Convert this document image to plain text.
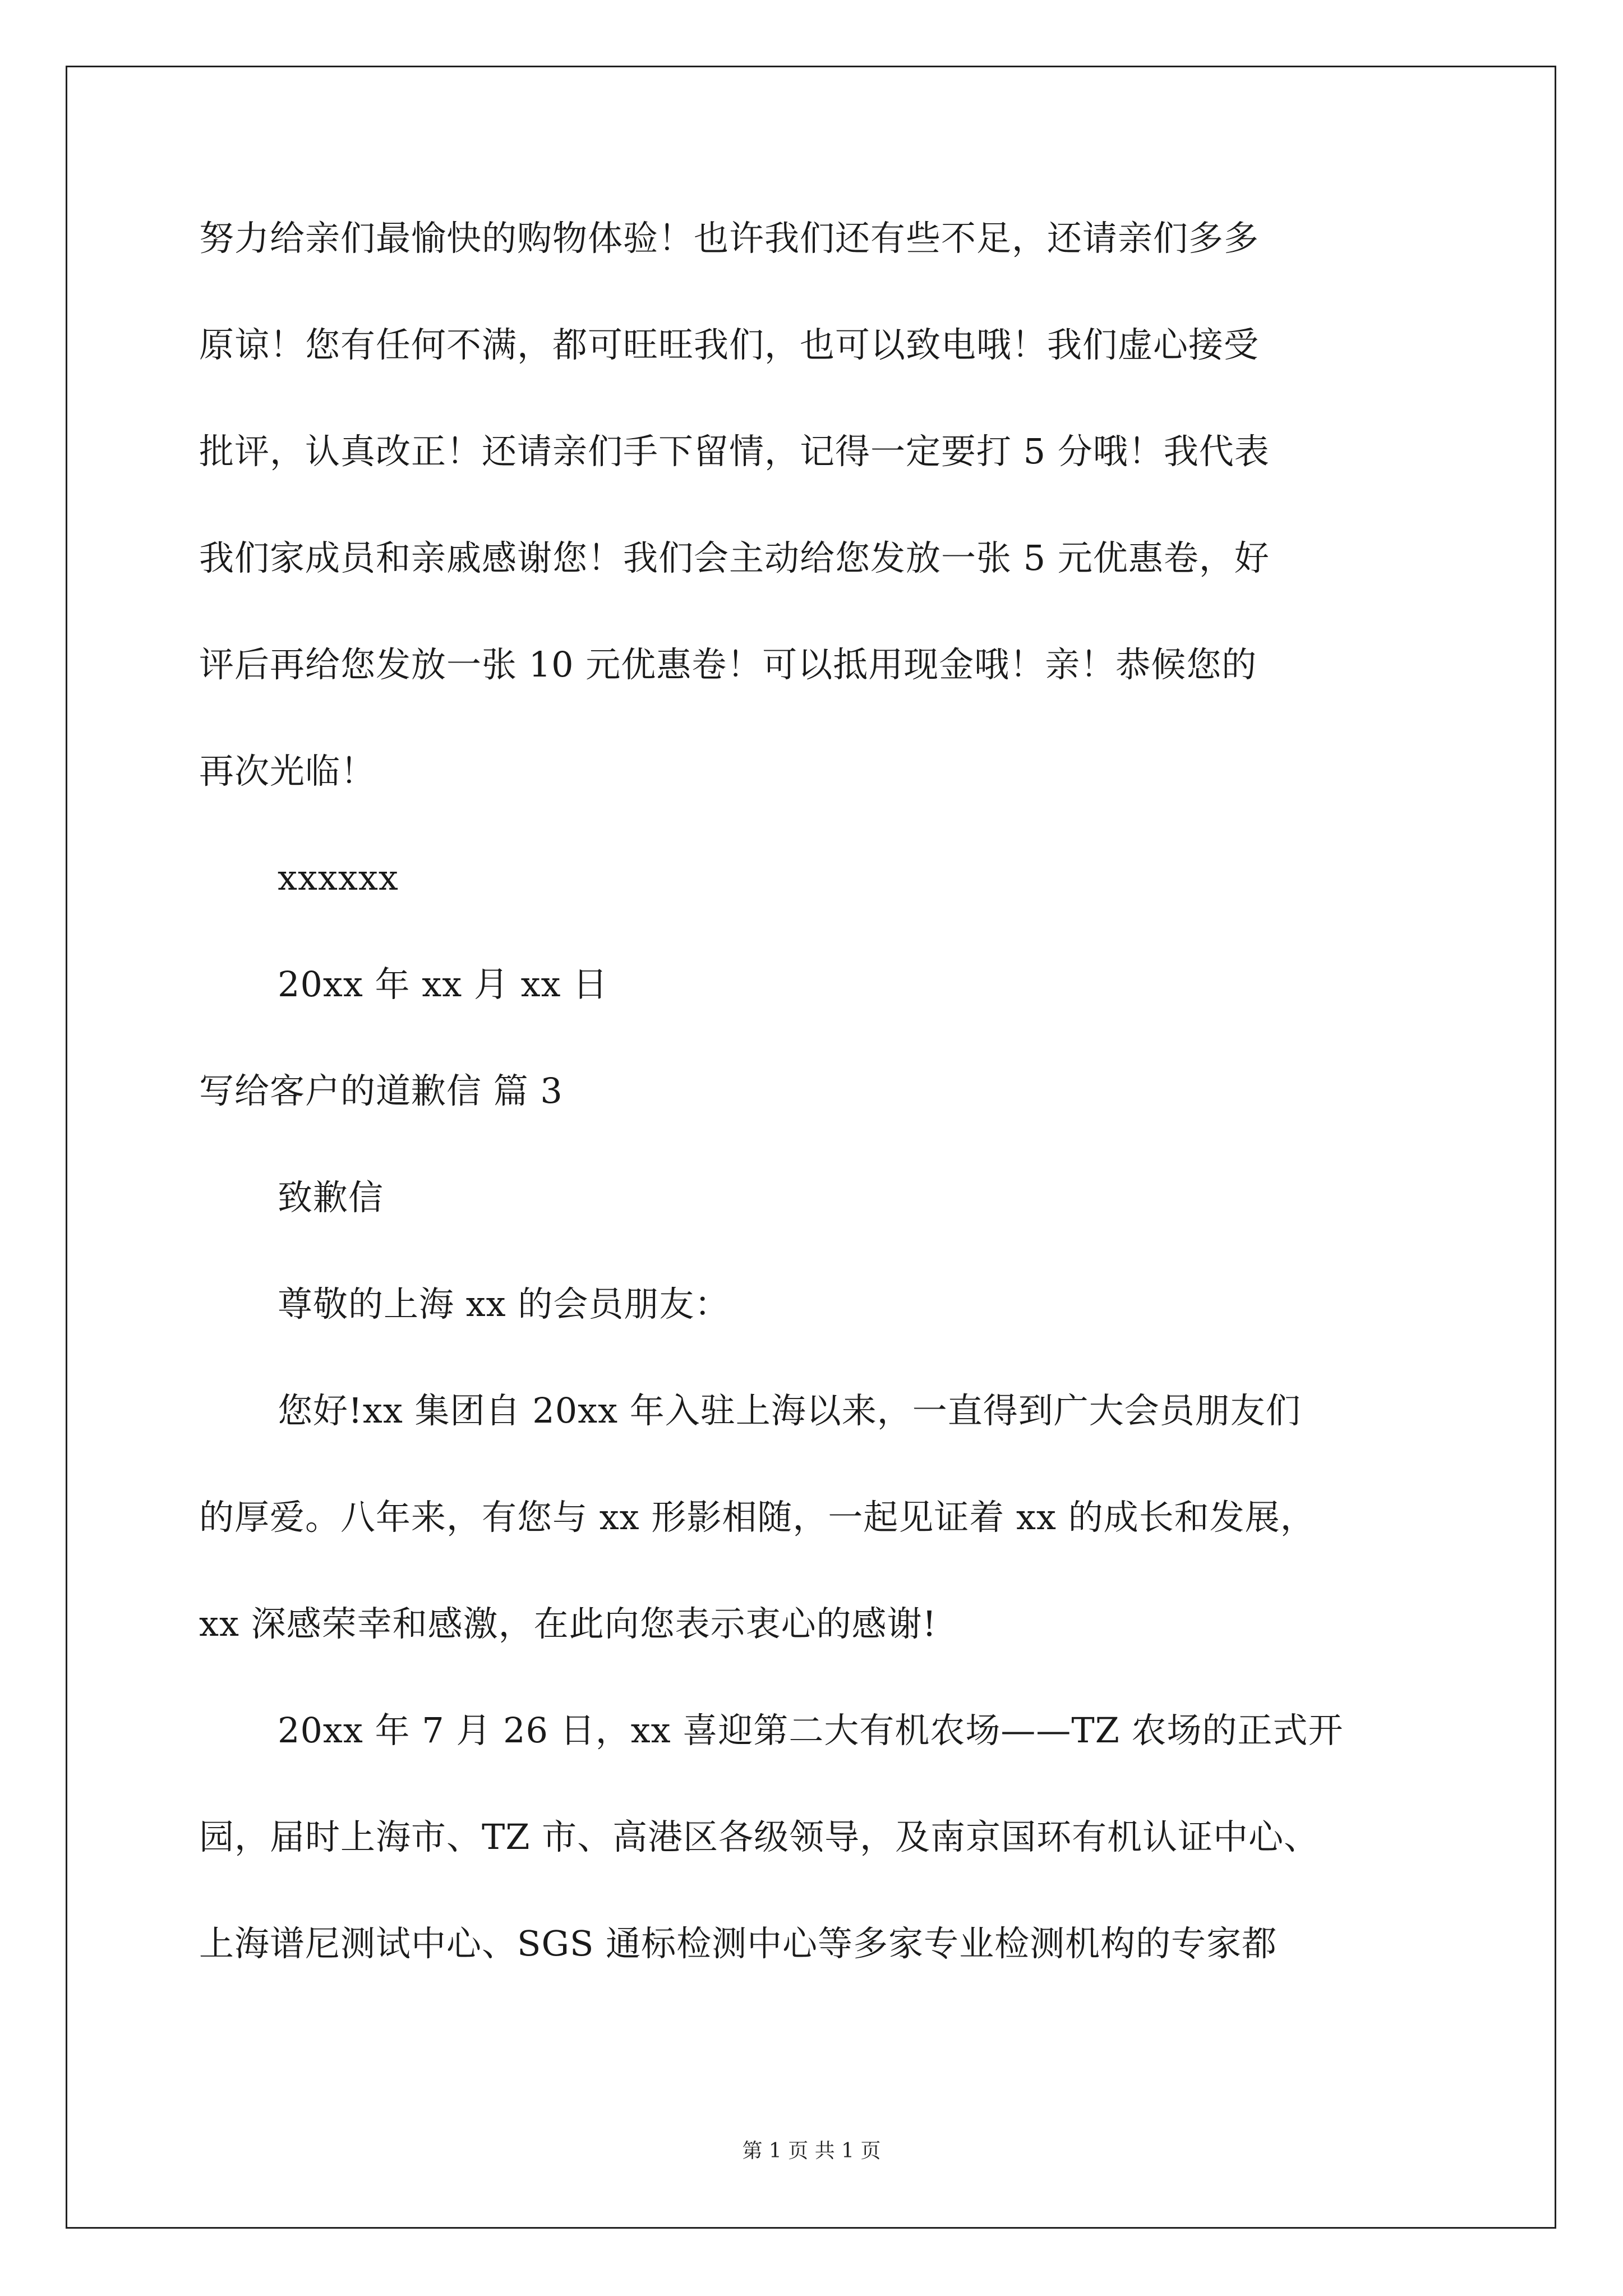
努力给亲们最愉快的购物体验！也许我们还有些不足，还请亲们多多
原谅！您有任何不满，都可旺旺我们，也可以致电哦！我们虚心接受
批评，认真改正！还请亲们手下留情，记得一定要打 5 分哦！我代表
我们家成员和亲戚感谢您！我们会主动给您发放一张 5 元优惠卷，好
评后再给您发放一张 10 元优惠卷！可以抵用现金哦！亲！恭候您的
再次光临！
xxxxxx
20xx 年 xx 月 xx 日
写给客户的道歉信 篇 3
致歉信
尊敬的上海 xx 的会员朋友：
您好!xx 集团自 20xx 年入驻上海以来，一直得到广大会员朋友们
的厚爱。八年来，有您与 xx 形影相随，一起见证着 xx 的成长和发展，
xx 深感荣幸和感激，在此向您表示衷心的感谢!
20xx 年 7 月 26 日，xx 喜迎第二大有机农场——TZ 农场的正式开
园，届时上海市、TZ 市、高港区各级领导，及南京国环有机认证中心、
上海谱尼测试中心、SGS 通标检测中心等多家专业检测机构的专家都
第 1 页 共 1 页
